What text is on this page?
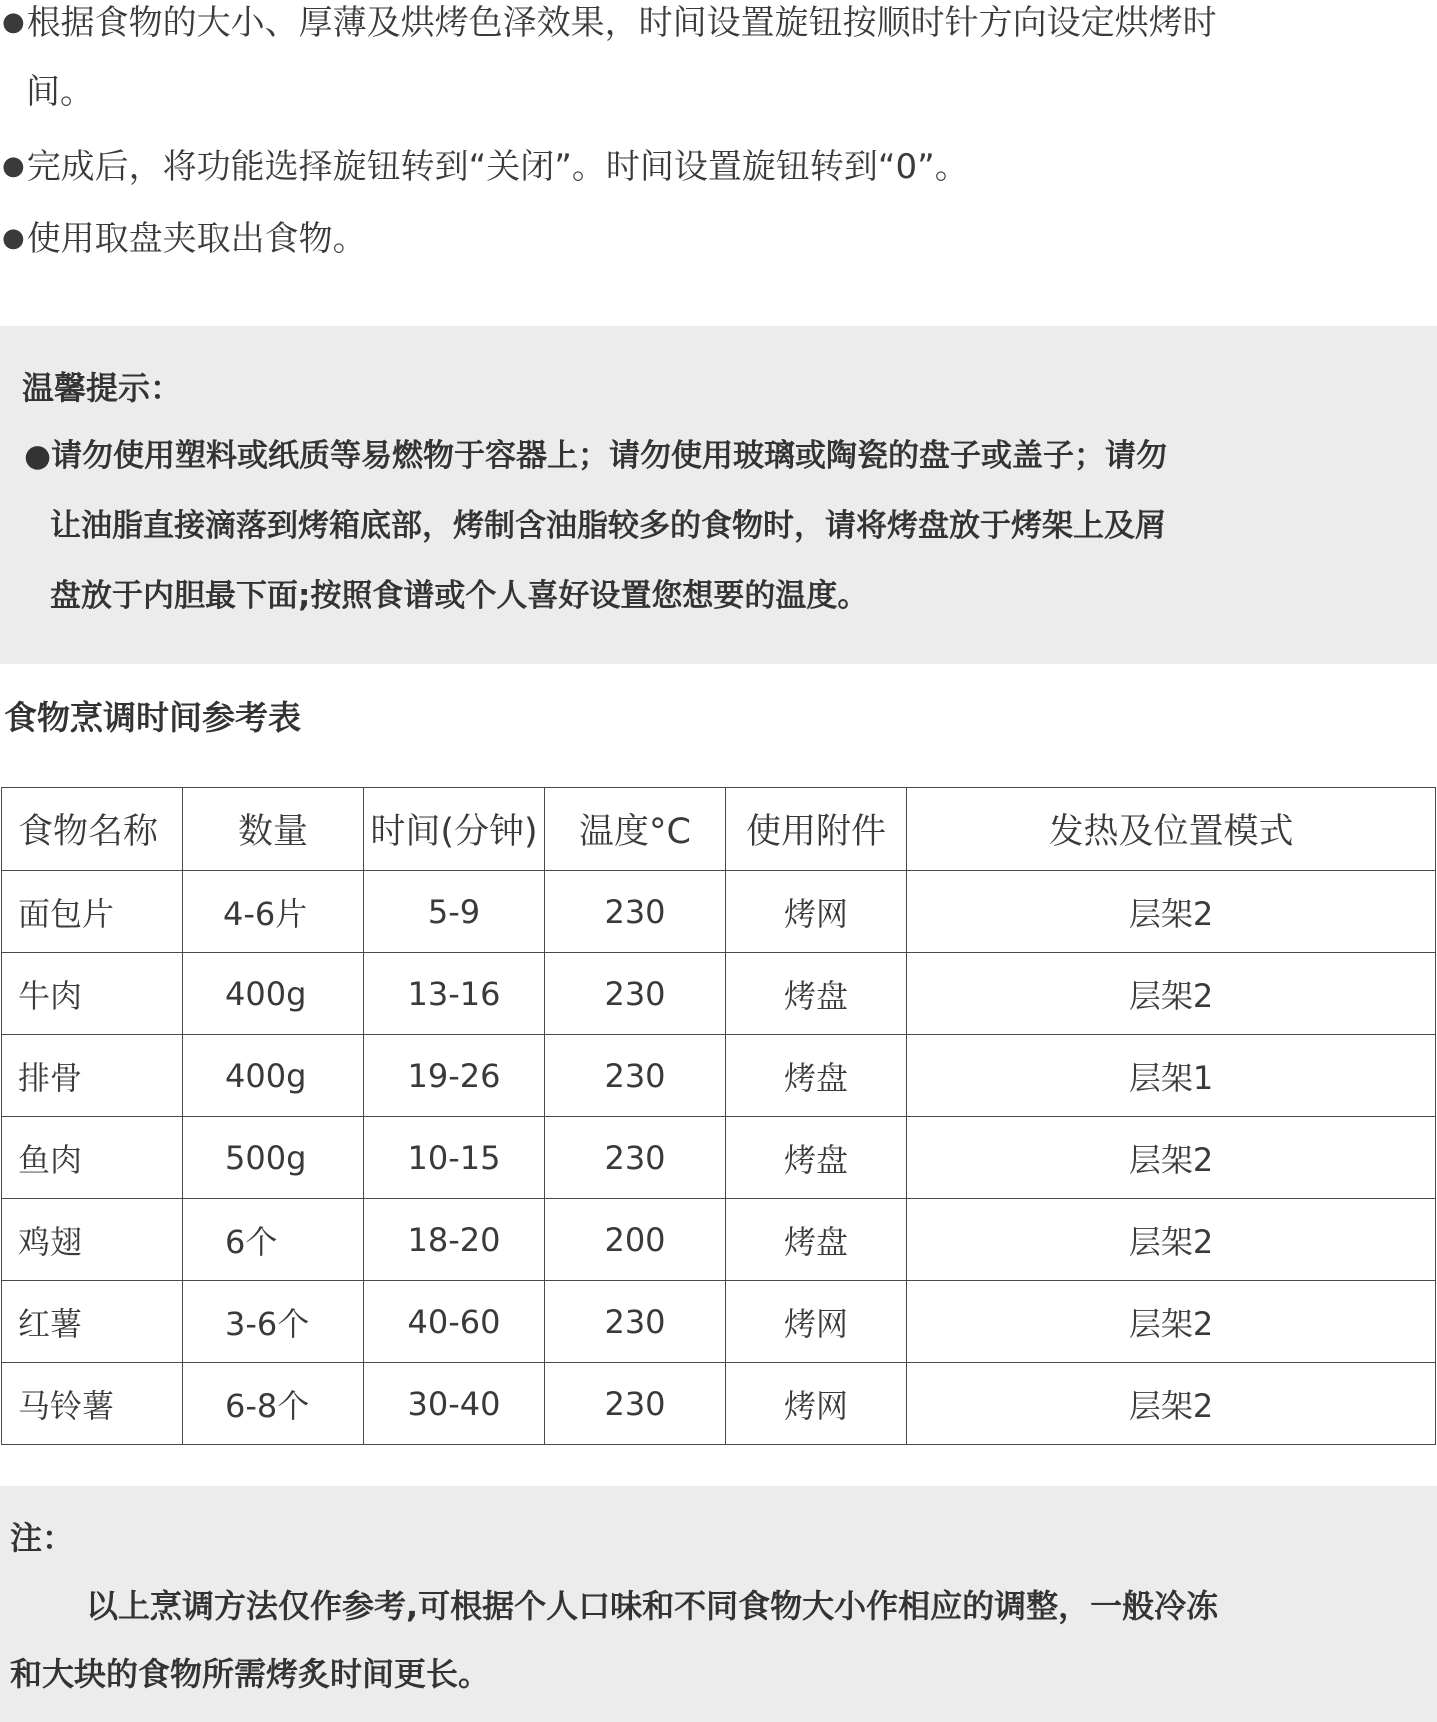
●根据食物的大小、厚薄及烘烤色泽效果，时间设置旋钮按顺时针方向设定烘烤时
间。
●完成后，将功能选择旋钮转到“关闭”。时间设置旋钮转到“0”。
●使用取盘夹取出食物。
温馨提示：
●请勿使用塑料或纸质等易燃物于容器上；请勿使用玻璃或陶瓷的盘子或盖子；请勿
让油脂直接滴落到烤箱底部，烤制含油脂较多的食物时，请将烤盘放于烤架上及屑
盘放于内胆最下面;按照食谱或个人喜好设置您想要的温度。
食物烹调时间参考表
食物名称	数量	时间(分钟)	温度°C	使用附件	发热及位置模式
面包片	4-6片	5-9	230	烤网	层架2
牛肉	400g	13-16	230	烤盘	层架2
排骨	400g	19-26	230	烤盘	层架1
鱼肉	500g	10-15	230	烤盘	层架2
鸡翅	6个	18-20	200	烤盘	层架2
红薯	3-6个	40-60	230	烤网	层架2
马铃薯	6-8个	30-40	230	烤网	层架2
注：
以上烹调方法仅作参考,可根据个人口味和不同食物大小作相应的调整，一般冷冻
和大块的食物所需烤炙时间更长。
